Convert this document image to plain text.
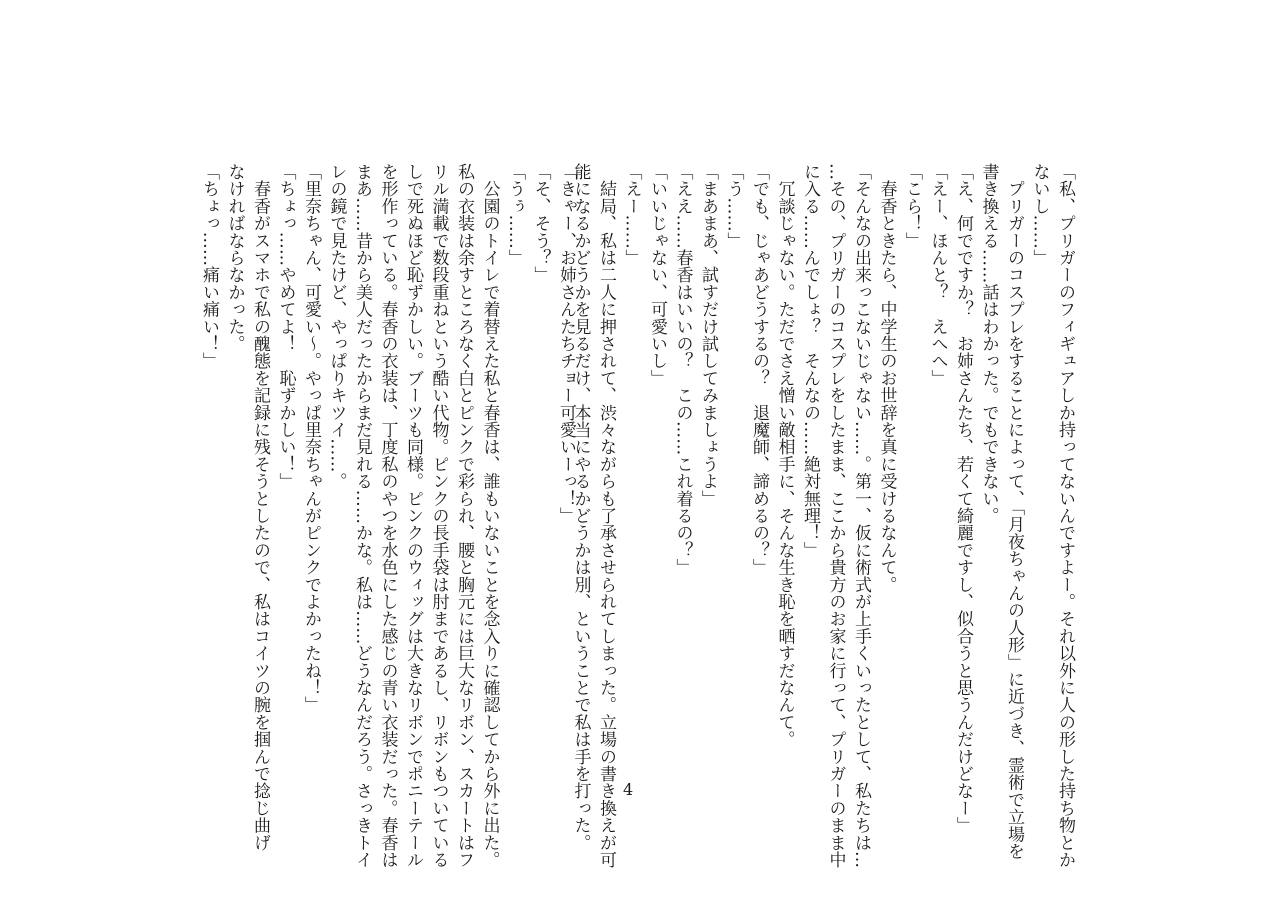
「私、プリガーのフィギュアしか持ってないんですよー。それ以外に人の形した持ち物とか
ないし……」
　プリガーのコスプレをすることによって、「月夜ちゃんの人形」に近づき、霊術で立場を
書き換える……話はわかった。でもできない。
「え、何でですか？　お姉さんたち、若くて綺麗ですし、似合うと思うんだけどなー」
「えー、ほんと？　えへへ」
「こら！」
　春香ときたら、中学生のお世辞を真に受けるなんて。
「そんなの出来っこないじゃない……。第一、仮に術式が上手くいったとして、私たちは…
…その、プリガーのコスプレをしたまま、ここから貴方のお家に行って、プリガーのまま中
に入る……んでしょ？　そんなの……絶対無理！」
　冗談じゃない。ただでさえ憎い敵相手に、そんな生き恥を晒すだなんて。
「でも、じゃあどうするの？　退魔師、諦めるの？」
「う……」
「まあまあ、試すだけ試してみましょうよ」
「ええ……春香はいいの？　この……これ着るの？」
「いいじゃない、可愛いし」
「えー……」
　結局、私は二人に押されて、渋々ながらも了承させられてしまった。立場の書き換えが可
能になるかどうかを見るだけ、本当にやるかどうかは別、ということで私は手を打った。
「きゃー、お姉さんたちチョー可愛いーっ！」
「そ、そう？」
「うぅ……」
　公園のトイレで着替えた私と春香は、誰もいないことを念入りに確認してから外に出た。
私の衣装は余すところなく白とピンクで彩られ、腰と胸元には巨大なリボン、スカートはフ
リル満載で数段重ねという酷い代物。ピンクの長手袋は肘まであるし、リボンもついている
しで死ぬほど恥ずかしい。ブーツも同様。ピンクのウィッグは大きなリボンでポニーテール
を形作っている。春香の衣装は、丁度私のやつを水色にした感じの青い衣装だった。春香は
まあ……昔から美人だったからまだ見れる……かな。私は……どうなんだろう。さっきトイ
レの鏡で見たけど、やっぱりキツイ……。
「里奈ちゃん、可愛い～。やっぱ里奈ちゃんがピンクでよかったね！」
「ちょっ……やめてよ！　恥ずかしい！」
　春香がスマホで私の醜態を記録に残そうとしたので、私はコイツの腕を掴んで捻じ曲げ
なければならなかった。
「ちょっ……痛い痛い！」
4
